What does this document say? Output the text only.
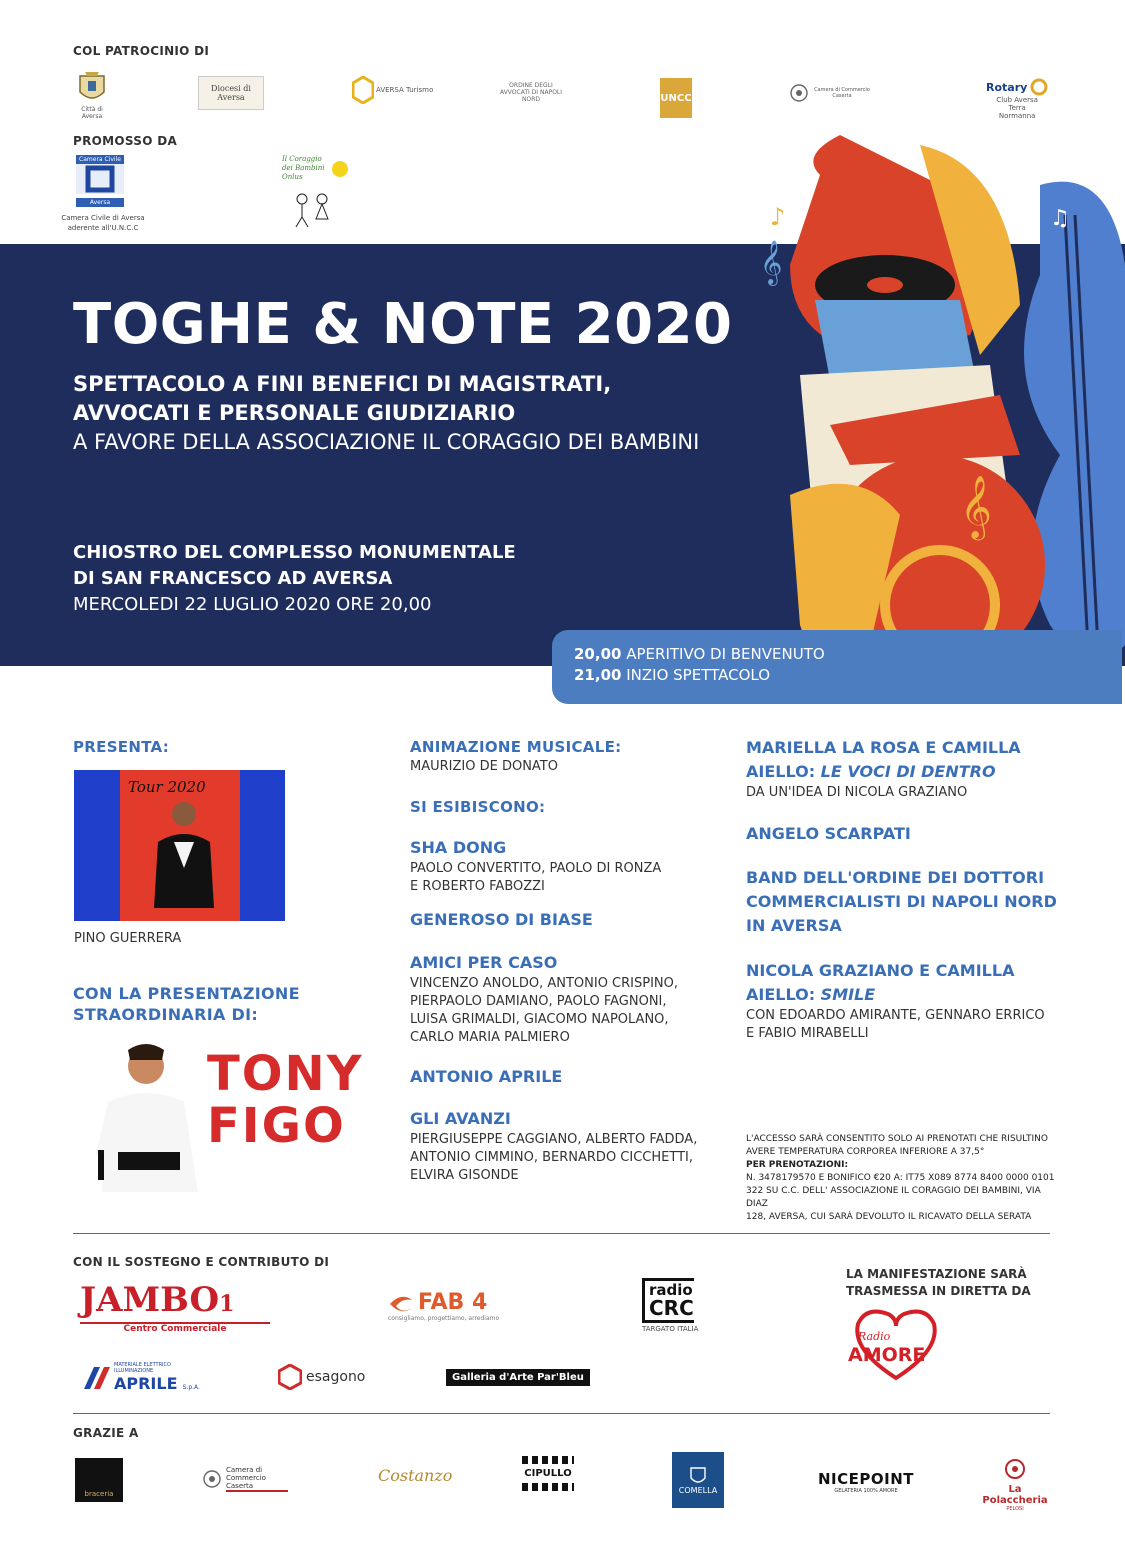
COL PATROCINIO DI
Città di Aversa
Diocesi di Aversa
AVERSA Turismo
ORDINE DEGLI AVVOCATI DI NAPOLI NORD	UNCC
Camera di Commercio Caserta
Rotary
Club Aversa Terra Normanna
PROMOSSO DA
Camera Civile
Aversa
Camera Civile di Aversa
aderente all'U.N.C.C
Il Coraggio dei Bambini Onlus
♪
𝄞
𝄞
♫
TOGHE & NOTE 2020
SPETTACOLO A FINI BENEFICI DI MAGISTRATI,
AVVOCATI E PERSONALE GIUDIZIARIO
A FAVORE DELLA ASSOCIAZIONE IL CORAGGIO DEI BAMBINI
CHIOSTRO DEL COMPLESSO MONUMENTALE
DI SAN FRANCESCO AD AVERSA
MERCOLEDI 22 LUGLIO 2020 ORE 20,00
20,00 APERITIVO DI BENVENUTO
21,00 INZIO SPETTACOLO
PRESENTA:
Tour 2020
PINO GUERRERA
CON LA PRESENTAZIONE
STRAORDINARIA DI:
TONY
FIGO
ANIMAZIONE MUSICALE:
MAURIZIO DE DONATO
SI ESIBISCONO:
SHA DONG
PAOLO CONVERTITO, PAOLO DI RONZA
E ROBERTO FABOZZI
GENEROSO DI BIASE
AMICI PER CASO
VINCENZO ANOLDO, ANTONIO CRISPINO,
PIERPAOLO DAMIANO, PAOLO FAGNONI,
LUISA GRIMALDI, GIACOMO NAPOLANO,
CARLO MARIA PALMIERO
ANTONIO APRILE
GLI AVANZI
PIERGIUSEPPE CAGGIANO, ALBERTO FADDA,
ANTONIO CIMMINO, BERNARDO CICCHETTI,
ELVIRA GISONDE
MARIELLA LA ROSA E CAMILLA
AIELLO: LE VOCI DI DENTRO
DA UN'IDEA DI NICOLA GRAZIANO
ANGELO SCARPATI
BAND DELL'ORDINE DEI DOTTORI
COMMERCIALISTI DI NAPOLI NORD
IN AVERSA
NICOLA GRAZIANO E CAMILLA
AIELLO: SMILE
CON EDOARDO AMIRANTE, GENNARO ERRICO
E FABIO MIRABELLI
L'ACCESSO SARÀ CONSENTITO SOLO AI PRENOTATI CHE RISULTINO
AVERE TEMPERATURA CORPOREA INFERIORE A 37,5°
PER PRENOTAZIONI:
N. 3478179570 E BONIFICO €20 A: IT75 X089 8774 8400 0000 0101
322 SU C.C. DELL' ASSOCIAZIONE IL CORAGGIO DEI BAMBINI, VIA DIAZ
128, AVERSA, CUI SARÀ DEVOLUTO IL RICAVATO DELLA SERATA
CON IL SOSTEGNO E CONTRIBUTO DI
JAMBO1
Centro Commerciale
FAB 4
consigliamo, progettiamo, arrediamo
radio
CRC
TARGATO ITALIA
LA MANIFESTAZIONE SARÀ
TRASMESSA IN DIRETTA DA
Radio
AMORE
MATERIALE ELETTRICO ILLUMINAZIONE
APRILE S.p.A.
esagono	Galleria d'Arte Par'Bleu
GRAZIE A
braceria
Camera di Commercio Caserta
Costanzo	CIPULLO
COMELLA
NICEPOINT
GELATERIA 100% AMORE	La Polaccheria
PELOSI
